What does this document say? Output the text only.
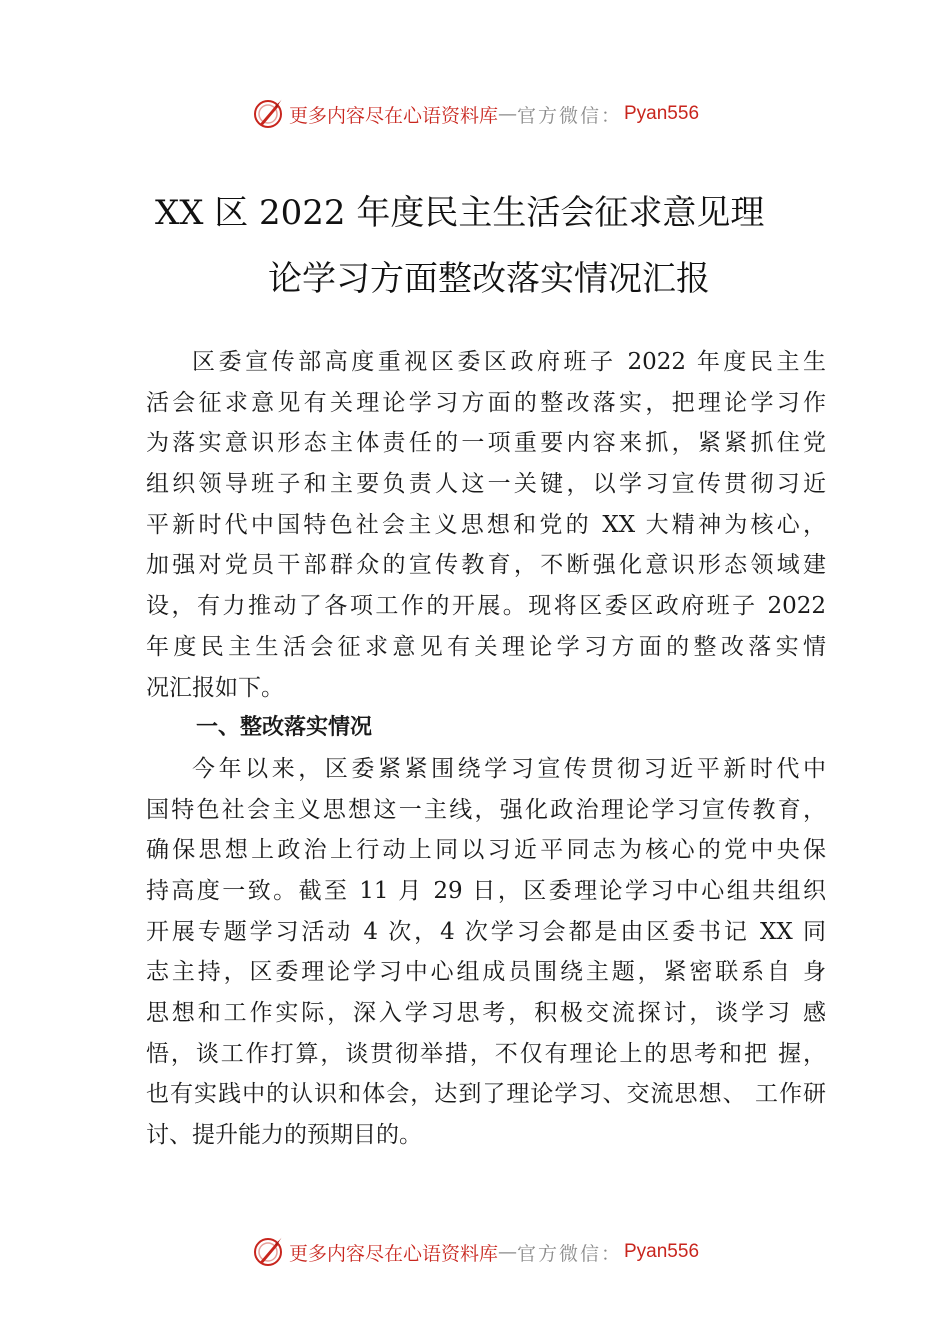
更多内容尽在心语资料库 — 官方微信： Pyan556
XX 区 2022 年度民主生活会征求意见理
论学习方面整改落实情况汇报
区委宣传部高度重视区委区政府班子 2022 年度民主生
活会征求意见有关理论学习方面的整改落实，把理论学习作
为落实意识形态主体责任的一项重要内容来抓，紧紧抓住党
组织领导班子和主要负责人这一关键，以学习宣传贯彻习近
平新时代中国特色社会主义思想和党的 XX 大精神为核心，
加强对党员干部群众的宣传教育，不断强化意识形态领域建
设，有力推动了各项工作的开展。现将区委区政府班子 2022
年度民主生活会征求意见有关理论学习方面的整改落实情
况汇报如下。
一、整改落实情况
今年以来，区委紧紧围绕学习宣传贯彻习近平新时代中
国特色社会主义思想这一主线，强化政治理论学习宣传教育，
确保思想上政治上行动上同以习近平同志为核心的党中央保
持高度一致。截至 11 月 29 日，区委理论学习中心组共组织
开展专题学习活动 4 次，4 次学习会都是由区委书记 XX 同
志主持，区委理论学习中心组成员围绕主题，紧密联系自 身
思想和工作实际，深入学习思考，积极交流探讨，谈学习 感
悟，谈工作打算，谈贯彻举措，不仅有理论上的思考和把 握，
也有实践中的认识和体会，达到了理论学习、交流思想、 工作研
讨、提升能力的预期目的。
更多内容尽在心语资料库 — 官方微信： Pyan556
